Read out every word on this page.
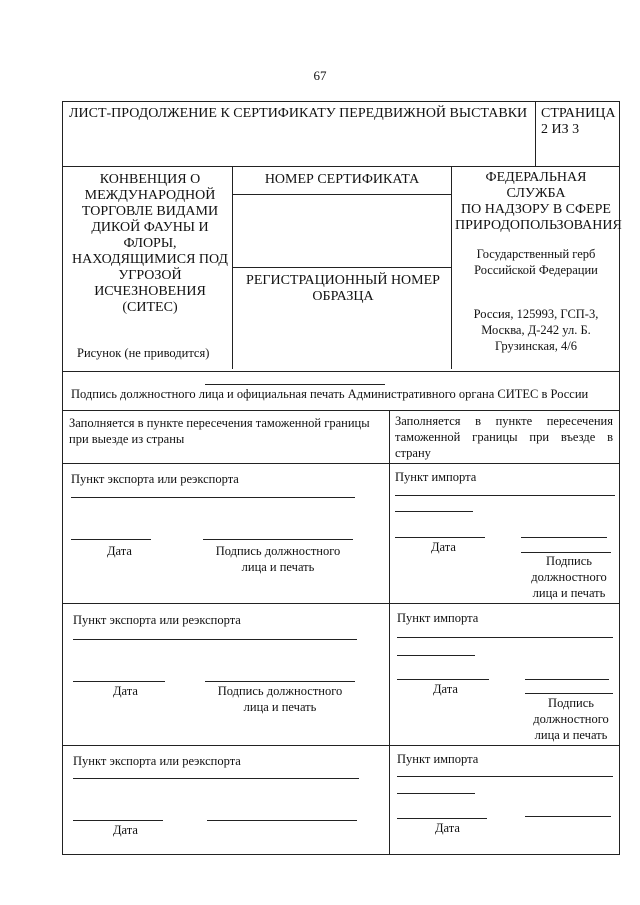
67
ЛИСТ-ПРОДОЛЖЕНИЕ К СЕРТИФИКАТУ ПЕРЕДВИЖНОЙ ВЫСТАВКИ СТРАНИЦА
2 ИЗ 3
КОНВЕНЦИЯ О
МЕЖДУНАРОДНОЙ
ТОРГОВЛЕ ВИДАМИ
ДИКОЙ ФАУНЫ И
ФЛОРЫ,
НАХОДЯЩИМИСЯ ПОД
УГРОЗОЙ
ИСЧЕЗНОВЕНИЯ (СИТЕС)
Рисунок (не приводится)
НОМЕР СЕРТИФИКАТА
РЕГИСТРАЦИОННЫЙ НОМЕР
ОБРАЗЦА
ФЕДЕРАЛЬНАЯ СЛУЖБА
ПО НАДЗОРУ В СФЕРЕ
ПРИРОДОПОЛЬЗОВАНИЯ
Государственный герб
Российской Федерации
Россия, 125993, ГСП-3,
Москва, Д-242 ул. Б.
Грузинская, 4/6
Подпись должностного лица и официальная печать Административного органа СИТЕС в России
Заполняется в пункте пересечения таможенной границы
при выезде из страны
Заполняется в пункте пересечения
таможенной границы при въезде в
страну
Пункт экспорта или реэкспорта
Дата	Подпись должностного
лица и печать
Пункт импорта
Дата
Подпись
должностного
лица и печать
Пункт экспорта или реэкспорта
Дата	Подпись должностного
лица и печать
Пункт импорта
Дата
Подпись
должностного
лица и печать
Пункт экспорта или реэкспорта
Дата
Пункт импорта
Дата
